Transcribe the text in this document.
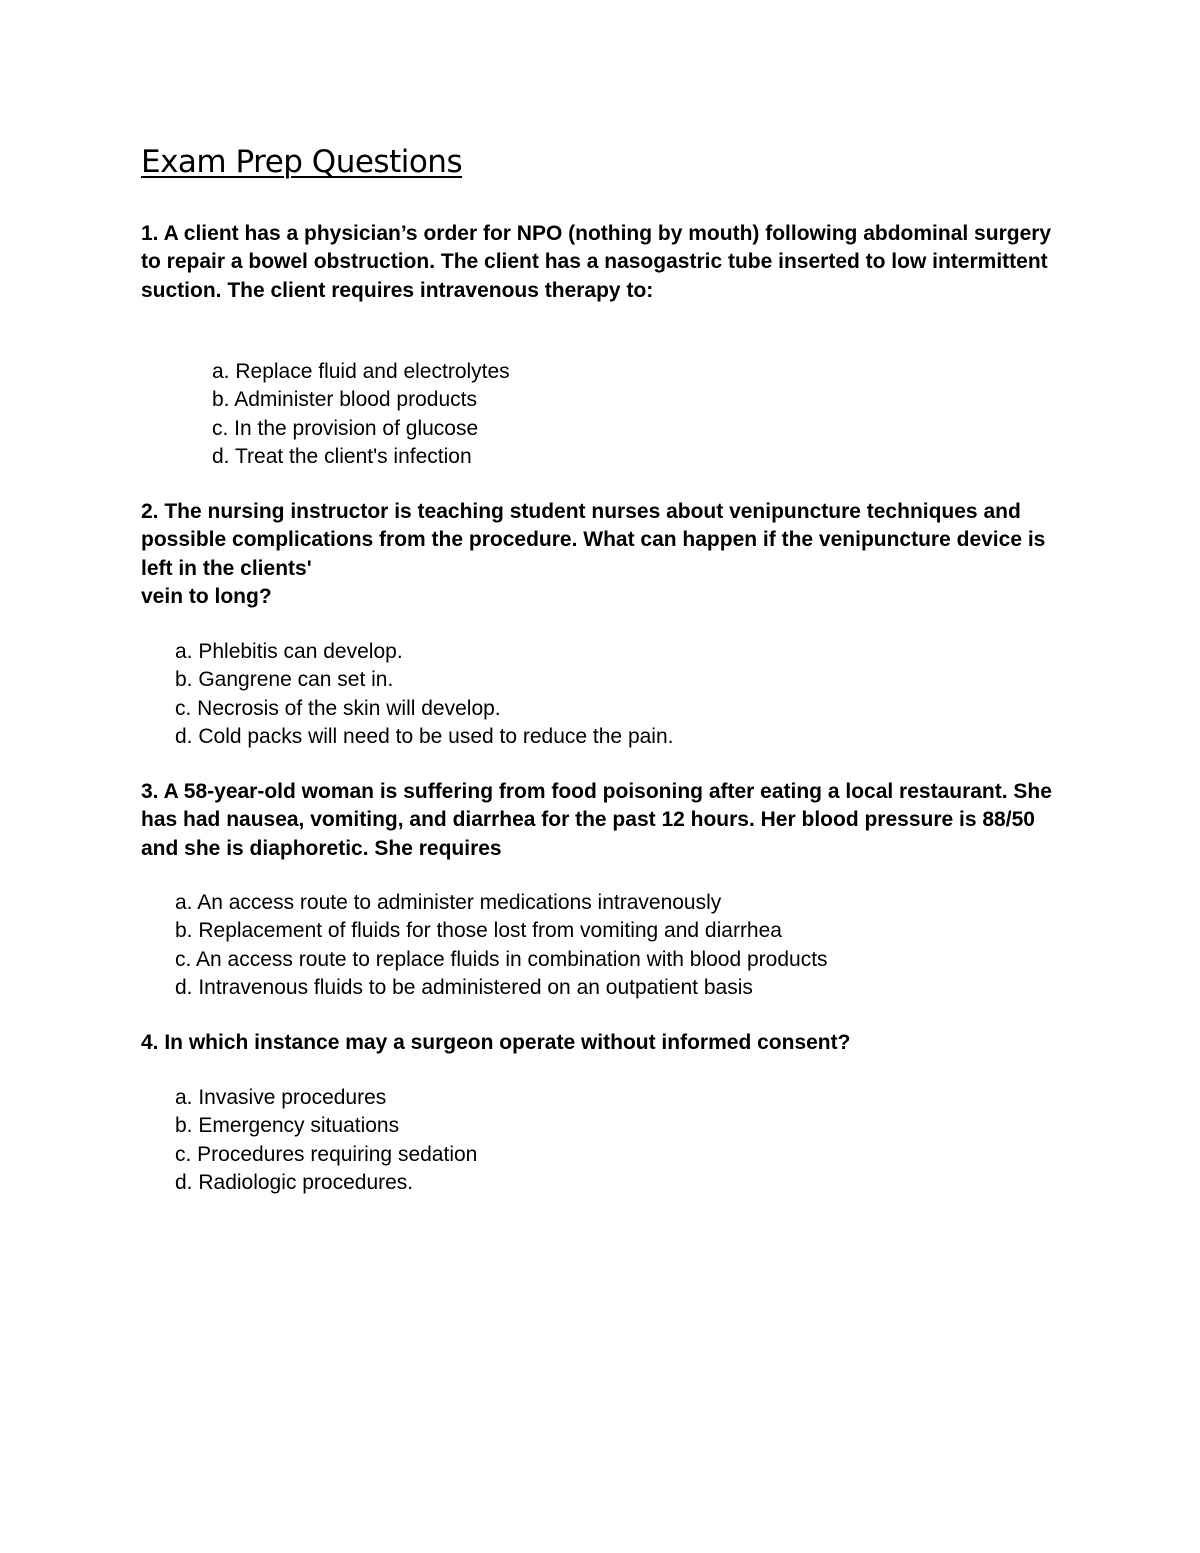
Exam Prep Questions

1. A client has a physician’s order for NPO (nothing by mouth) following abdominal surgery to repair a bowel obstruction. The client has a nasogastric tube inserted to low intermittent suction. The client requires intravenous therapy to:

a. Replace fluid and electrolytes
b. Administer blood products
c. In the provision of glucose
d. Treat the client's infection

2. The nursing instructor is teaching student nurses about venipuncture techniques and possible complications from the procedure. What can happen if the venipuncture device is left in the clients'
vein to long?

a. Phlebitis can develop.
b. Gangrene can set in.
c. Necrosis of the skin will develop.
d. Cold packs will need to be used to reduce the pain.

3. A 58-year-old woman is suffering from food poisoning after eating a local restaurant. She has had nausea, vomiting, and diarrhea for the past 12 hours. Her blood pressure is 88/50 and she is diaphoretic. She requires

a. An access route to administer medications intravenously
b. Replacement of fluids for those lost from vomiting and diarrhea
c. An access route to replace fluids in combination with blood products
d. Intravenous fluids to be administered on an outpatient basis

4. In which instance may a surgeon operate without informed consent?

a. Invasive procedures
b. Emergency situations
c. Procedures requiring sedation
d. Radiologic procedures.
